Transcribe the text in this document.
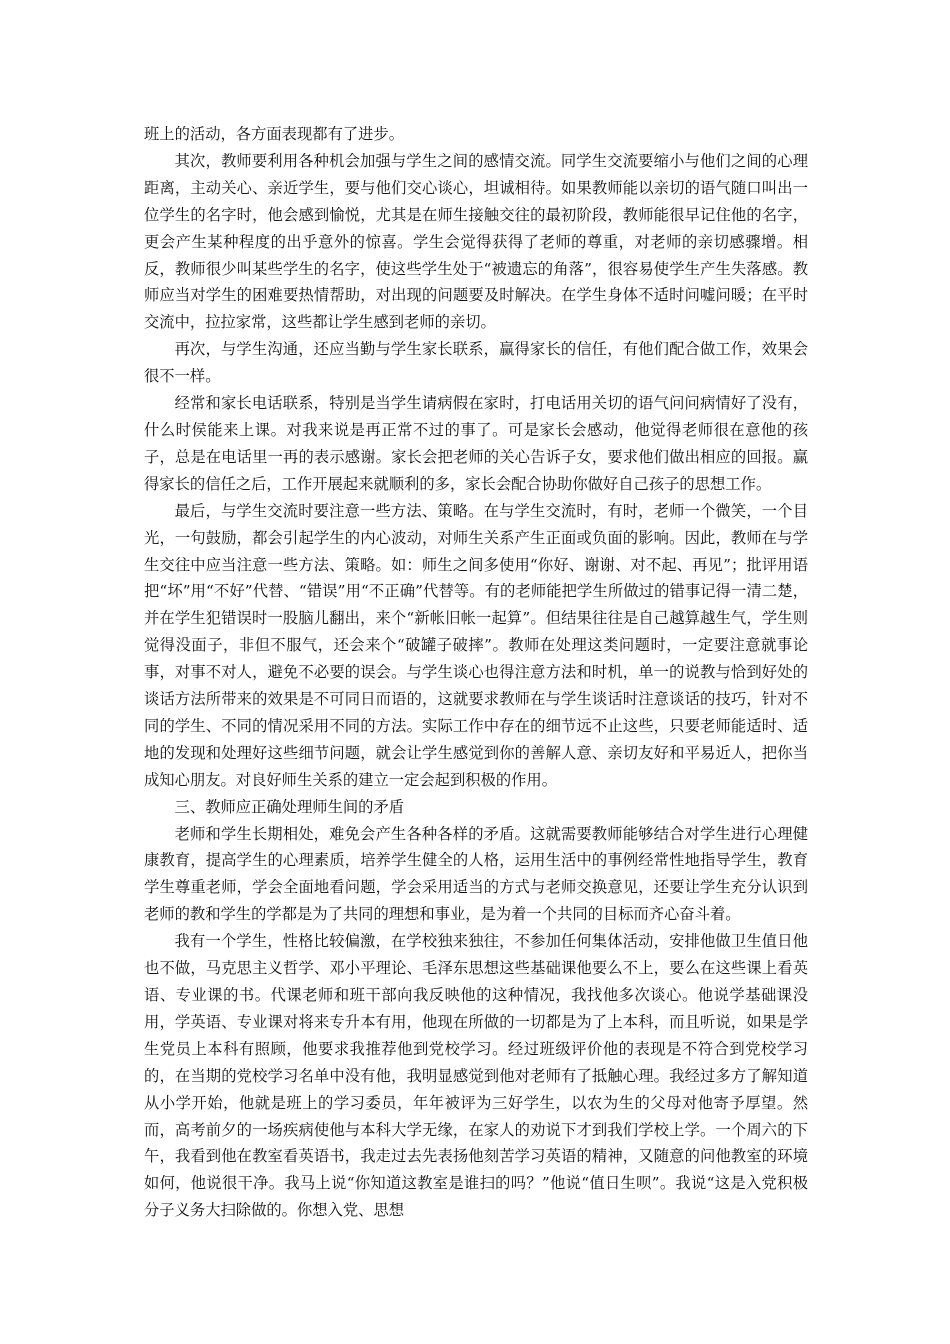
班上的活动，各方面表现都有了进步。

其次，教师要利用各种机会加强与学生之间的感情交流。同学生交流要缩小与他们之间的心理距离，主动关心、亲近学生，要与他们交心谈心，坦诚相待。如果教师能以亲切的语气随口叫出一位学生的名字时，他会感到愉悦，尤其是在师生接触交往的最初阶段，教师能很早记住他的名字，更会产生某种程度的出乎意外的惊喜。学生会觉得获得了老师的尊重，对老师的亲切感骤增。相反，教师很少叫某些学生的名字，使这些学生处于“被遗忘的角落”，很容易使学生产生失落感。教师应当对学生的困难要热情帮助，对出现的问题要及时解决。在学生身体不适时问嘘问暖；在平时交流中，拉拉家常，这些都让学生感到老师的亲切。

再次，与学生沟通，还应当勤与学生家长联系，赢得家长的信任，有他们配合做工作，效果会很不一样。

经常和家长电话联系，特别是当学生请病假在家时，打电话用关切的语气问问病情好了没有，什么时侯能来上课。对我来说是再正常不过的事了。可是家长会感动，他觉得老师很在意他的孩子，总是在电话里一再的表示感谢。家长会把老师的关心告诉子女，要求他们做出相应的回报。赢得家长的信任之后，工作开展起来就顺利的多，家长会配合协助你做好自己孩子的思想工作。

最后，与学生交流时要注意一些方法、策略。在与学生交流时，有时，老师一个微笑，一个目光，一句鼓励，都会引起学生的内心波动，对师生关系产生正面或负面的影响。因此，教师在与学生交往中应当注意一些方法、策略。如：师生之间多使用“你好、谢谢、对不起、再见”；批评用语把“坏”用“不好”代替、“错误”用“不正确”代替等。有的老师能把学生所做过的错事记得一清二楚，并在学生犯错误时一股脑儿翻出，来个“新帐旧帐一起算”。但结果往往是自己越算越生气，学生则觉得没面子，非但不服气，还会来个“破罐子破摔”。教师在处理这类问题时，一定要注意就事论事，对事不对人，避免不必要的误会。与学生谈心也得注意方法和时机，单一的说教与恰到好处的谈话方法所带来的效果是不可同日而语的，这就要求教师在与学生谈话时注意谈话的技巧，针对不同的学生、不同的情况采用不同的方法。实际工作中存在的细节远不止这些，只要老师能适时、适地的发现和处理好这些细节问题，就会让学生感觉到你的善解人意、亲切友好和平易近人，把你当成知心朋友。对良好师生关系的建立一定会起到积极的作用。

三、教师应正确处理师生间的矛盾

老师和学生长期相处，难免会产生各种各样的矛盾。这就需要教师能够结合对学生进行心理健康教育，提高学生的心理素质，培养学生健全的人格，运用生活中的事例经常性地指导学生，教育学生尊重老师，学会全面地看问题，学会采用适当的方式与老师交换意见，还要让学生充分认识到老师的教和学生的学都是为了共同的理想和事业，是为着一个共同的目标而齐心奋斗着。

我有一个学生，性格比较偏激，在学校独来独往，不参加任何集体活动，安排他做卫生值日他也不做，马克思主义哲学、邓小平理论、毛泽东思想这些基础课他要么不上，要么在这些课上看英语、专业课的书。代课老师和班干部向我反映他的这种情况，我找他多次谈心。他说学基础课没用，学英语、专业课对将来专升本有用，他现在所做的一切都是为了上本科，而且听说，如果是学生党员上本科有照顾，他要求我推荐他到党校学习。经过班级评价他的表现是不符合到党校学习的，在当期的党校学习名单中没有他，我明显感觉到他对老师有了抵触心理。我经过多方了解知道从小学开始，他就是班上的学习委员，年年被评为三好学生，以农为生的父母对他寄予厚望。然而，高考前夕的一场疾病使他与本科大学无缘，在家人的劝说下才到我们学校上学。一个周六的下午，我看到他在教室看英语书，我走过去先表扬他刻苦学习英语的精神，又随意的问他教室的环境如何，他说很干净。我马上说“你知道这教室是谁扫的吗？”他说“值日生呗”。我说“这是入党积极分子义务大扫除做的。你想入党、思想
